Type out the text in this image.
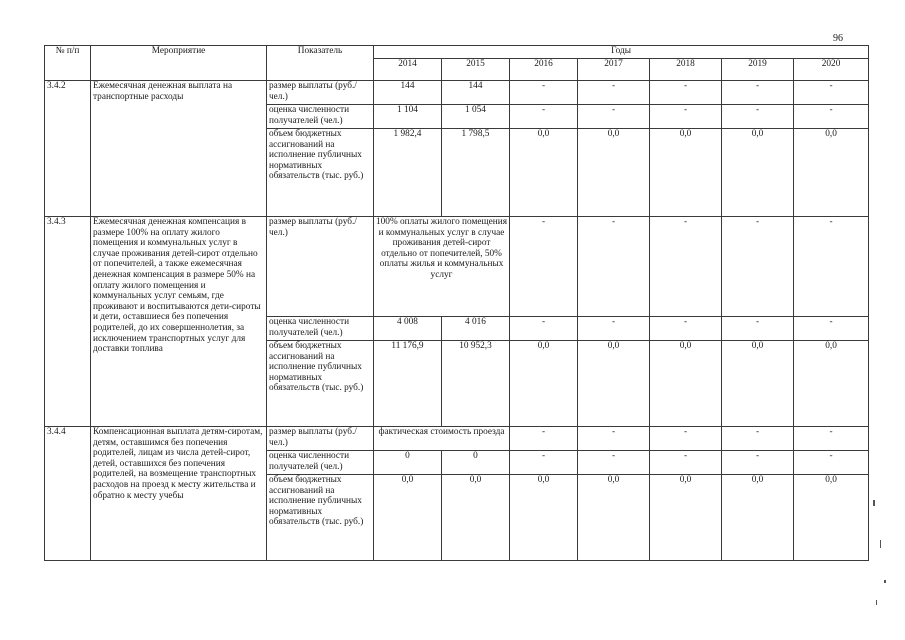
96
№ п/п	Мероприятие	Показатель	Годы						
			2014	2015	2016	2017	2018	2019	2020
3.4.2	Ежемесячная денежная выплата на транспортные расходы	размер выплаты (руб./ чел.)	144	144	-	-	-	-	-
		оценка численности получателей (чел.)	1 104	1 054	-	-	-	-	-
		объем бюджетных ассигнований на исполнение публичных нормативных обязательств (тыс. руб.)	1 982,4	1 798,5	0,0	0,0	0,0	0,0	0,0
3.4.3	Ежемесячная денежная компенсация в размере 100% на оплату жилого помещения и коммунальных услуг в случае проживания детей-сирот отдельно от попечителей, а также ежемесячная денежная компенсация в размере 50% на оплату жилого помещения и коммунальных услуг семьям, где проживают и воспитываются дети-сироты и дети, оставшиеся без попечения родителей, до их совершеннолетия, за исключением транспортных услуг для доставки топлива	размер выплаты (руб./ чел.)	100% оплаты жилого помещения и коммунальных услуг в случае проживания детей-сирот отдельно от попечителей, 50% оплаты жилья и коммунальных услуг		-	-	-	-	-
		оценка численности получателей (чел.)	4 008	4 016	-	-	-	-	-
		объем бюджетных ассигнований на исполнение публичных нормативных обязательств (тыс. руб.)	11 176,9	10 952,3	0,0	0,0	0,0	0,0	0,0
3.4.4	Компенсационная выплата детям-сиротам, детям, оставшимся без попечения родителей, лицам из числа детей-сирот, детей, оставшихся без попечения родителей, на возмещение транспортных расходов на проезд к месту жительства и обратно к месту учебы	размер выплаты (руб./ чел.)	фактическая стоимость проезда		-	-	-	-	-
		оценка численности получателей (чел.)	0	0	-	-	-	-	-
		объем бюджетных ассигнований на исполнение публичных нормативных обязательств (тыс. руб.)	0,0	0,0	0,0	0,0	0,0	0,0	0,0
